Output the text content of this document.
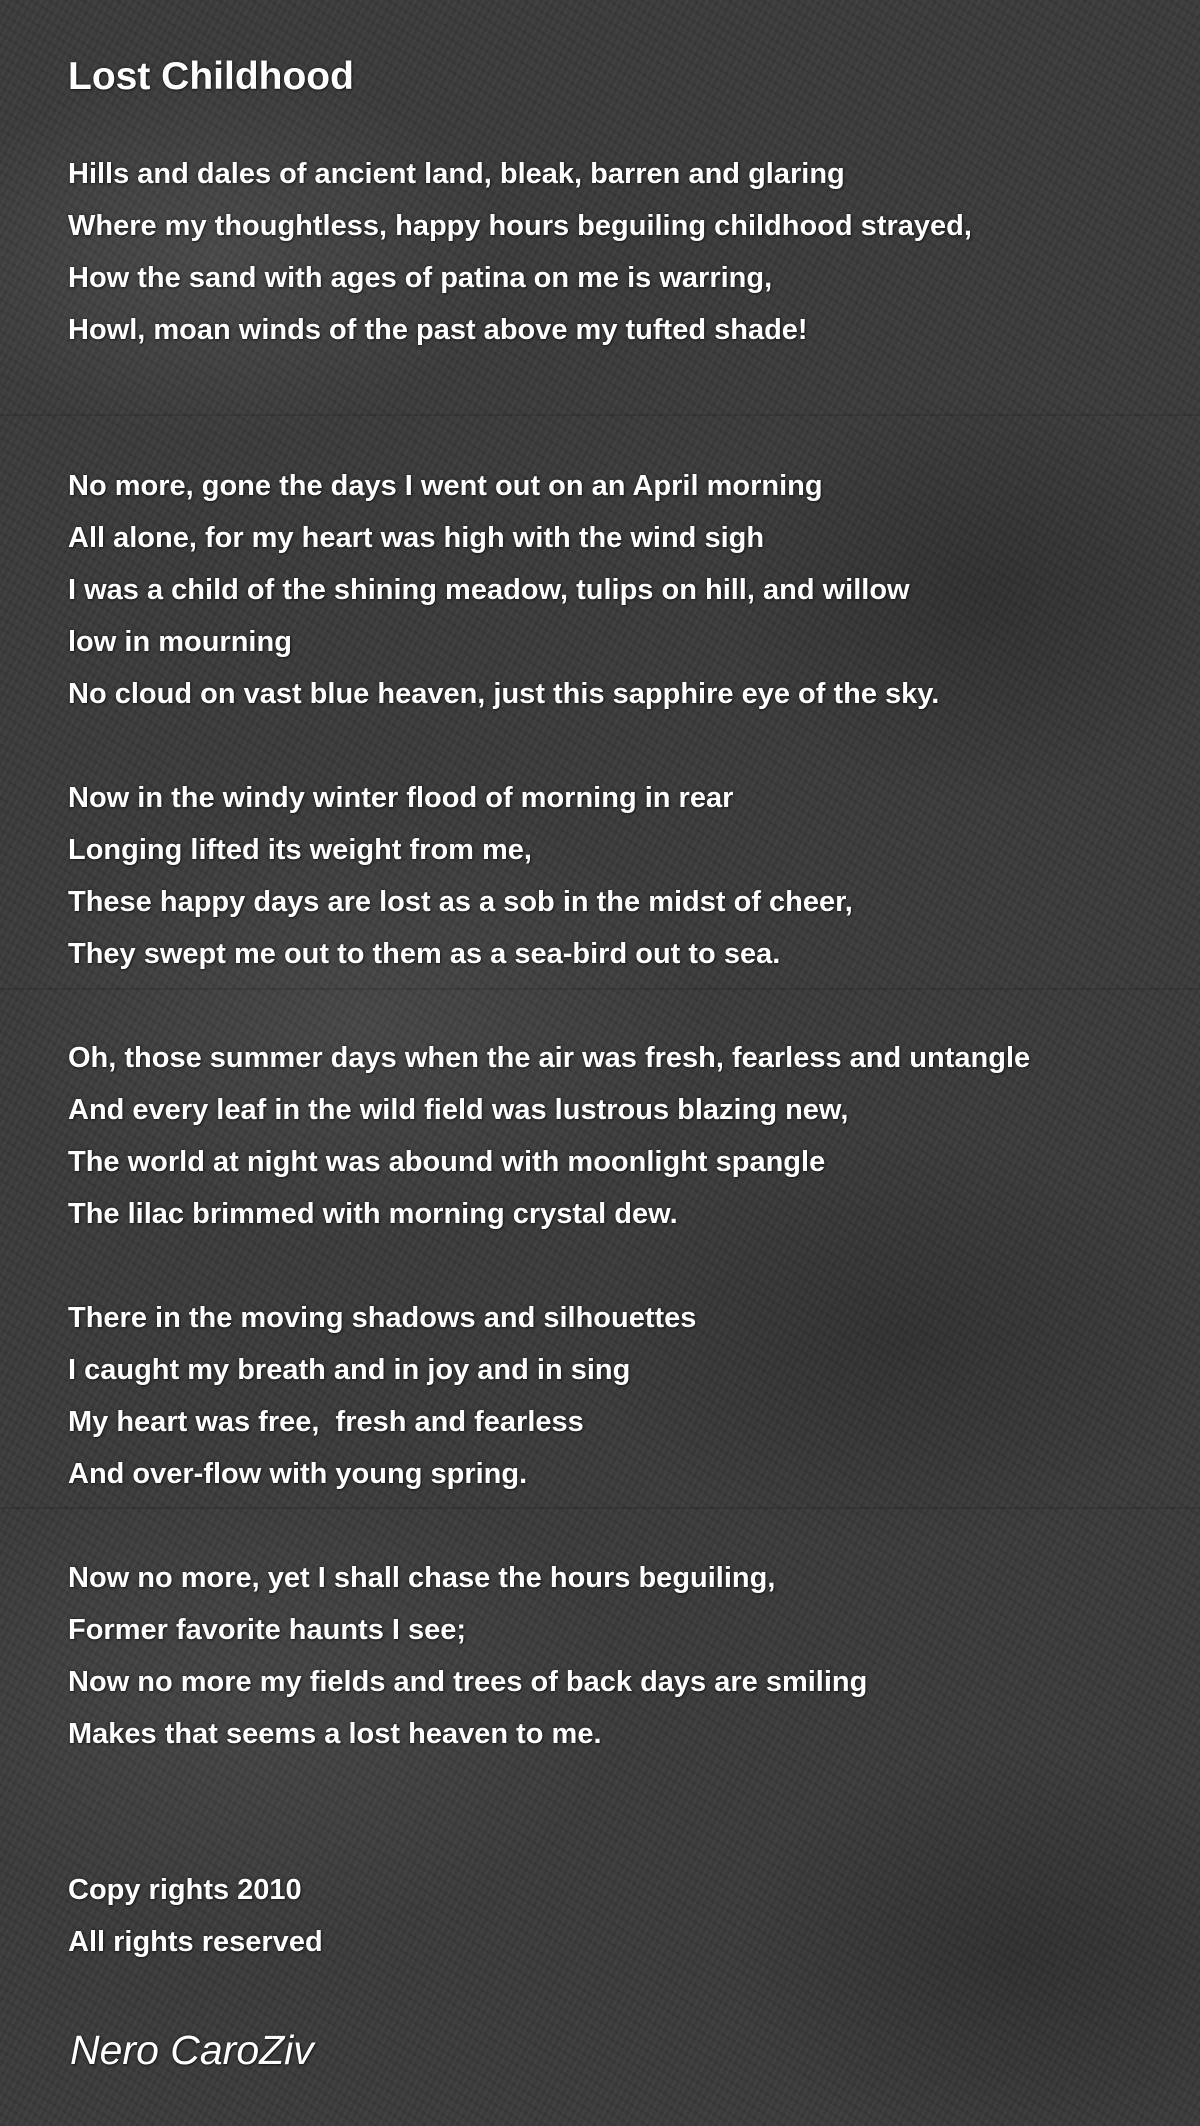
Lost Childhood
Hills and dales of ancient land, bleak, barren and glaring
Where my thoughtless, happy hours beguiling childhood strayed,
How the sand with ages of patina on me is warring,
Howl, moan winds of the past above my tufted shade!
No more, gone the days I went out on an April morning
All alone, for my heart was high with the wind sigh
I was a child of the shining meadow, tulips on hill, and willow
low in mourning
No cloud on vast blue heaven, just this sapphire eye of the sky.
Now in the windy winter flood of morning in rear
Longing lifted its weight from me,
These happy days are lost as a sob in the midst of cheer,
They swept me out to them as a sea-bird out to sea.
Oh, those summer days when the air was fresh, fearless and untangle
And every leaf in the wild field was lustrous blazing new,
The world at night was abound with moonlight spangle
The lilac brimmed with morning crystal dew.
There in the moving shadows and silhouettes
I caught my breath and in joy and in sing
My heart was free,  fresh and fearless
And over-flow with young spring.
Now no more, yet I shall chase the hours beguiling,
Former favorite haunts I see;
Now no more my fields and trees of back days are smiling
Makes that seems a lost heaven to me.
Copy rights 2010
All rights reserved
Nero CaroZiv
